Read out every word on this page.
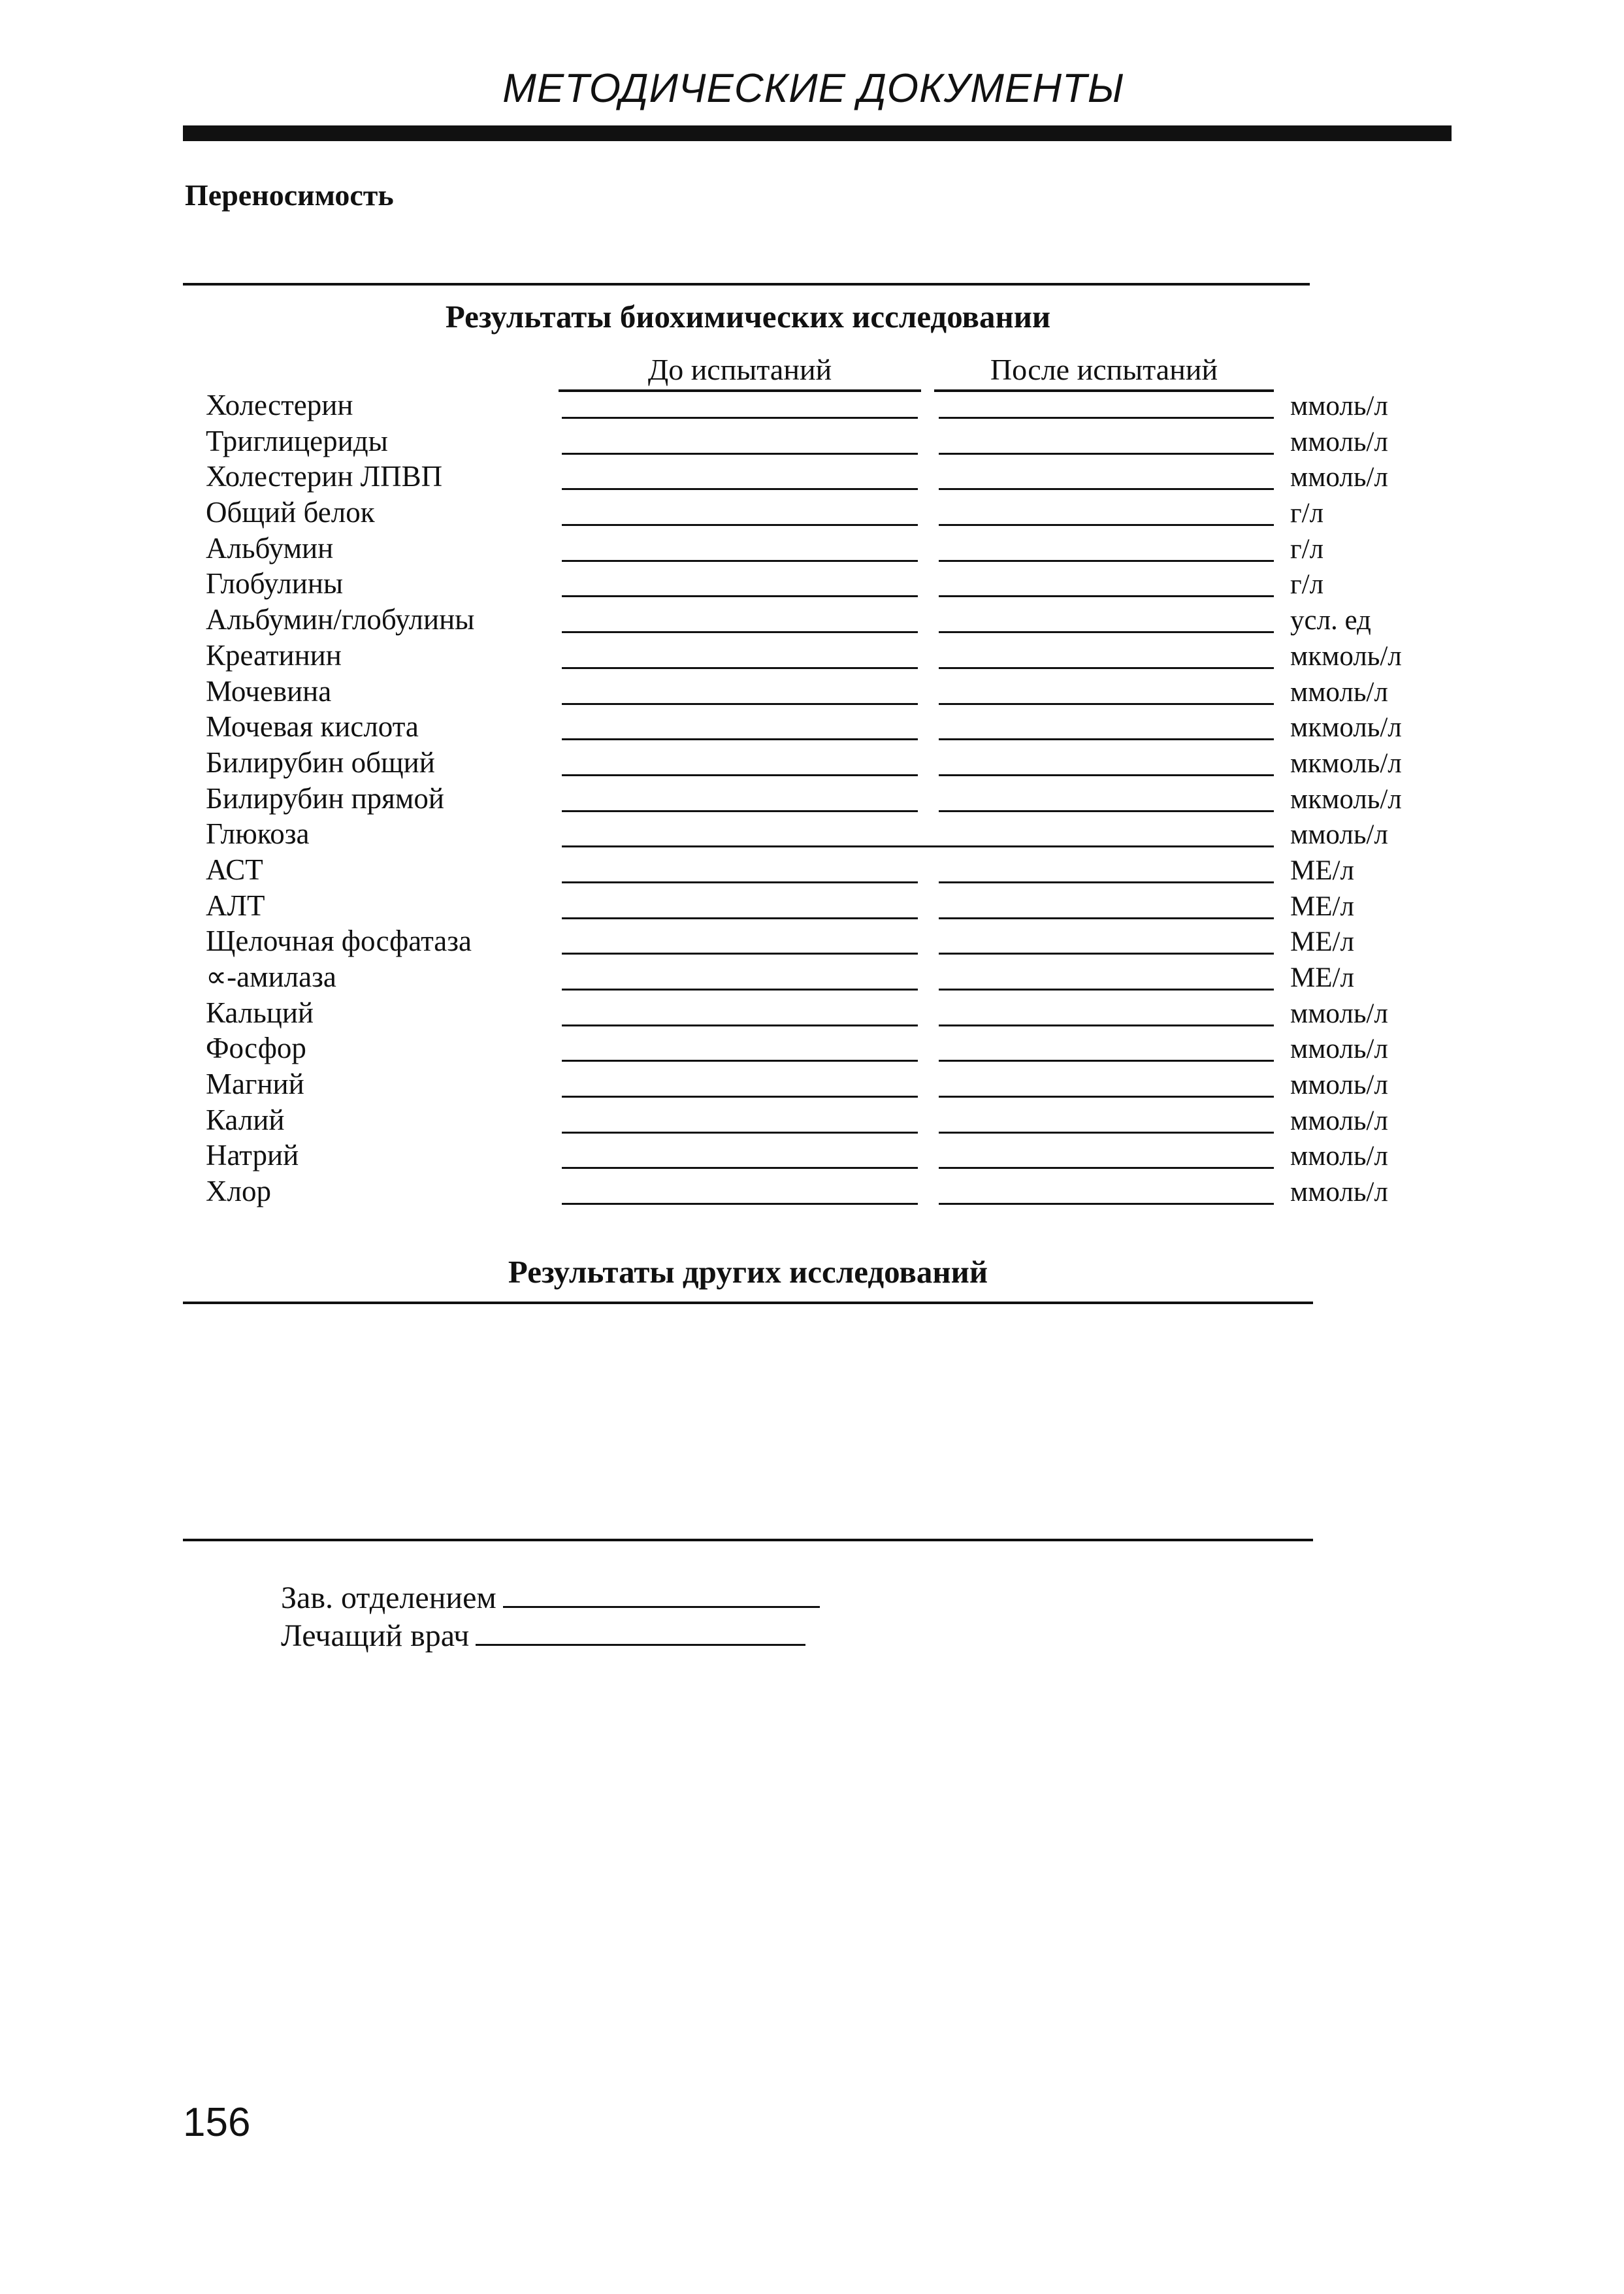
МЕТОДИЧЕСКИЕ ДОКУМЕНТЫ
Переносимость
Результаты биохимических исследовании
До испытаний	После испытаний
Холестерин	ммоль/л
Триглицериды	ммоль/л
Холестерин ЛПВП	ммоль/л
Общий белок	г/л
Альбумин	г/л
Глобулины	г/л
Альбумин/глобулины	усл. ед
Креатинин	мкмоль/л
Мочевина	ммоль/л
Мочевая кислота	мкмоль/л
Билирубин общий	мкмоль/л
Билирубин прямой	мкмоль/л
Глюкоза	ммоль/л
АСТ	МЕ/л
АЛТ	МЕ/л
Щелочная фосфатаза	МЕ/л
∝-амилаза	МЕ/л
Кальций	ммоль/л
Фосфор	ммоль/л
Магний	ммоль/л
Калий	ммоль/л
Натрий	ммоль/л
Хлор	ммоль/л
Результаты других исследований
Зав. отделением
Лечащий врач
156
